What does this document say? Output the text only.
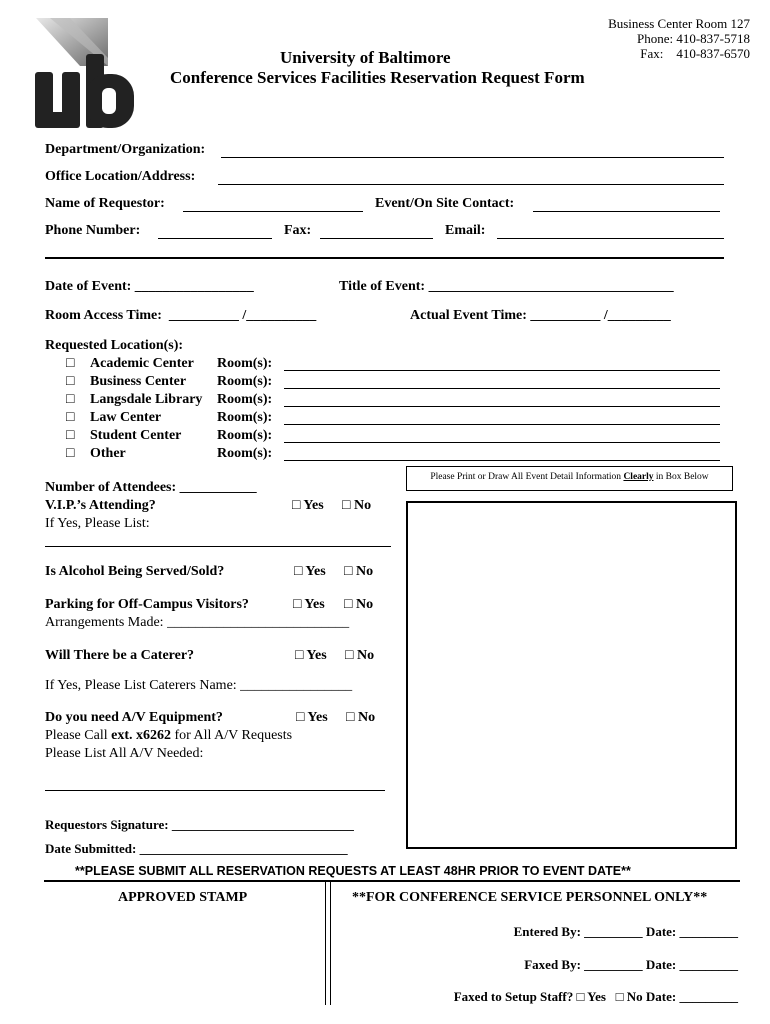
Business Center Room 127
Phone: 410-837-5718
Fax:    410-837-6570
University of Baltimore
Conference Services Facilities Reservation Request Form
Department/Organization:
Office Location/Address:
Name of Requestor:	Event/On Site Contact:
Phone Number:	Fax:	Email:
Date of Event: _________________	Title of Event: ___________________________________
Room Access Time:  __________ /__________	Actual Event Time: __________ /_________
Requested Location(s):
□ Academic Center Room(s):
□ Business Center Room(s):
□ Langsdale Library Room(s):
□ Law Center	Room(s):
□ Student Center	Room(s):
□ Other	Room(s):
Please Print or Draw All Event Detail Information Clearly in Box Below
Number of Attendees: ___________
V.I.P.’s Attending?	□ Yes □ No
If Yes, Please List:
Is Alcohol Being Served/Sold?	□ Yes □ No
Parking for Off-Campus Visitors?	□ Yes □ No
Arrangements Made: __________________________
Will There be a Caterer?	□ Yes □ No
If Yes, Please List Caterers Name: ________________
Do you need A/V Equipment?	□ Yes □ No
Please Call ext. x6262 for All A/V Requests
Please List All A/V Needed:
Requestors Signature: ____________________________
Date Submitted: ________________________________
**PLEASE SUBMIT ALL RESERVATION REQUESTS AT LEAST 48HR PRIOR TO EVENT DATE**
APPROVED STAMP	**FOR CONFERENCE SERVICE PERSONNEL ONLY**
Entered By: _________ Date: _________
Faxed By: _________ Date: _________
Faxed to Setup Staff? □ Yes □ No Date: _________
